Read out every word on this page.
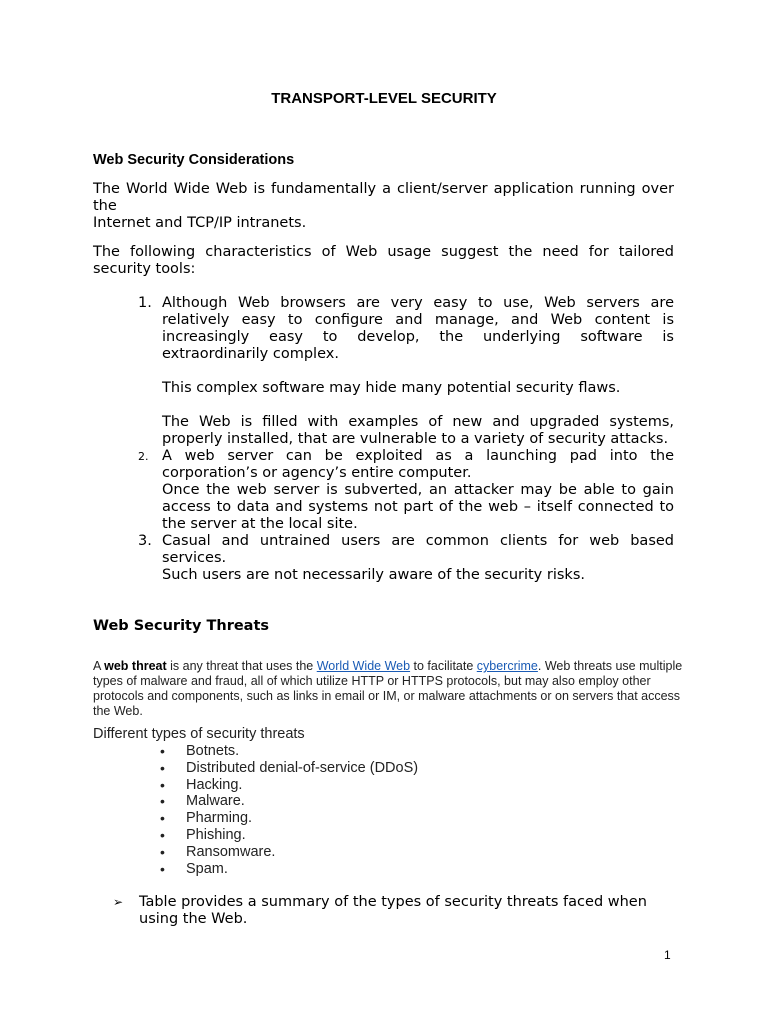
TRANSPORT-LEVEL SECURITY
Web Security Considerations

The World Wide Web is fundamentally a client/server application running over the
Internet and TCP/IP intranets.

The following characteristics of Web usage suggest the need for tailored security tools:

1. Although Web browsers are very easy to use, Web servers are relatively easy to configure and manage, and Web content is increasingly easy to develop, the underlying software is extraordinarily complex.

This complex software may hide many potential security flaws.

The Web is filled with examples of new and upgraded systems, properly installed, that are vulnerable to a variety of security attacks.

2. A web server can be exploited as a launching pad into the corporation’s or agency’s entire computer.

Once the web server is subverted, an attacker may be able to gain access to data and systems not part of the web – itself connected to the server at the local site.

3. Casual and untrained users are common clients for web based services.

Such users are not necessarily aware of the security risks.

Web Security Threats

A web threat is any threat that uses the World Wide Web to facilitate cybercrime. Web threats use multiple types of malware and fraud, all of which utilize HTTP or HTTPS protocols, but may also employ other protocols and components, such as links in email or IM, or malware attachments or on servers that access the Web.

Different types of security threats

• Botnets.
• Distributed denial-of-service (DDoS)
• Hacking.
• Malware.
• Pharming.
• Phishing.
• Ransomware.
• Spam.

➢	Table provides a summary of the types of security threats faced when using the Web.

1
